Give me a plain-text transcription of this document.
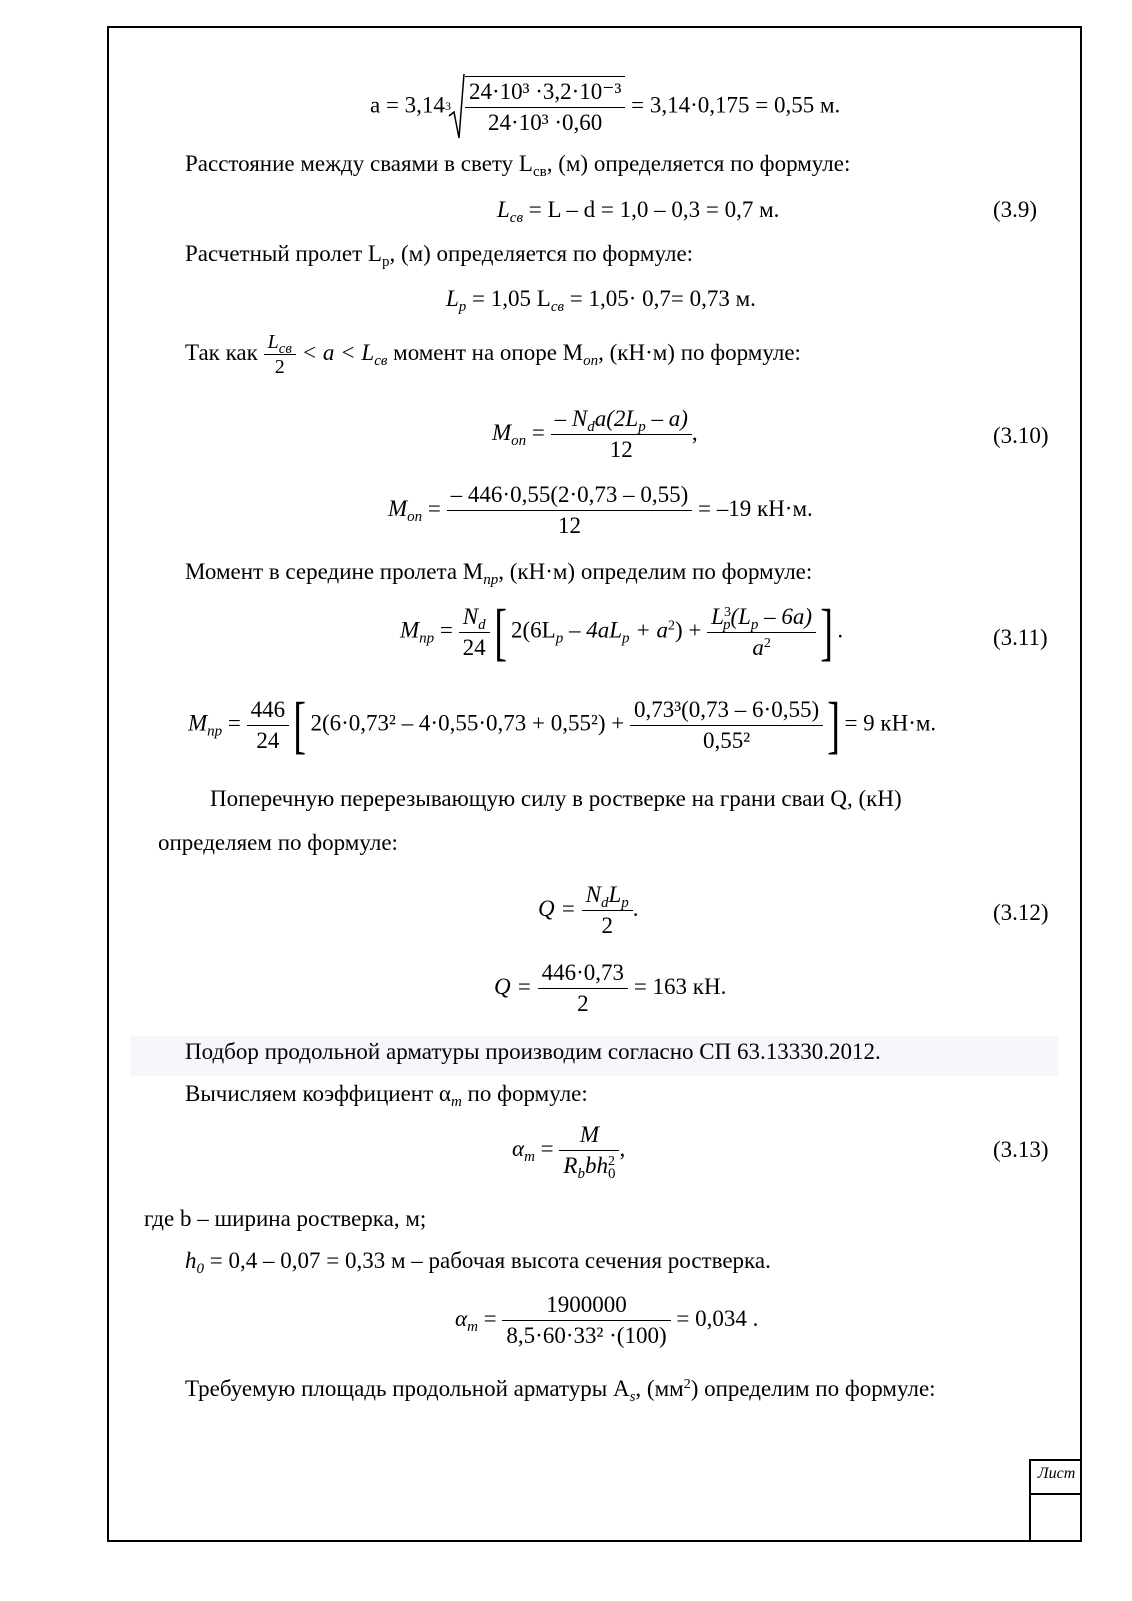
Лист
a = 3,14 $3 \frac{\text{24·10³ ·3,2·10⁻³}}{\text{24·10³ ·0,60}} = 3,14\cdot 0,175 = 0,55$ м.
Расстояние между сваями в свету $L_{св}$, (м) определяется по формуле:
$L_{св} = L - d = 1,0 - 0,3 = 0,7$ м.	(3.9)
Расчетный пролет $L_р$, (м) определяется по формуле:
$L_р = 1,05$ $L_{св} = 1,05\cdot 0,7= 0,73$ м.
Так как $\frac{L_{св}}{2} < a < L_{св}$ момент на опоре $M_{оп}$, (кН·м) по формуле:
$M_{оп} = \frac{- N_da(2L_p - a)}{12}$ ,	(3.10)
$M_{оп} = \frac{- 446\cdot 0,55(2\cdot 0,73 - 0,55)}{12} = -19$ кН·м.
Момент в середине пролета $M_{пр}$, (кН·м) определим по формуле:
$M_{пр} = \frac{N_d}{24}$ [ $2(6L_p - 4aL_p + a^2) + \frac{L^3_p(L_p - 6a)}{a^2}$ ] .	(3.11)
$M_{пр} = \frac{446}{24}$ [ $2(6\cdot 0,73^2 - 4\cdot 0,55\cdot 0,73 + 0,55^2) + \frac{\text{0,73³(0,73 – 6·0,55)}}{\text{0,55²}}$ ] = 9 кН·м.
Поперечную перерезывающую силу в ростверке на грани сваи Q, (кН)
определяем по формуле:
$Q = \frac{N_dL_p}{2}$ .	(3.12)
$Q = \frac{446\cdot 0,73}{2} = 163$ кН.
Подбор продольной арматуры производим согласно СП 63.13330.2012.
Вычисляем коэффициент $\alpha_m$ по формуле:
$\alpha_m = \frac{M}{R_bbh^2_0}$ ,	(3.13)
где b – ширина ростверка, м;
$h_0 = 0,4 - 0,07 = 0,33$ м – рабочая высота сечения ростверка.
$\alpha_m = \frac{1900000}{\text{8,5·60·33² ·(100)}} = 0,034$ .
Требуемую площадь продольной арматуры $A_s$, $(мм^2)$ определим по формуле:
